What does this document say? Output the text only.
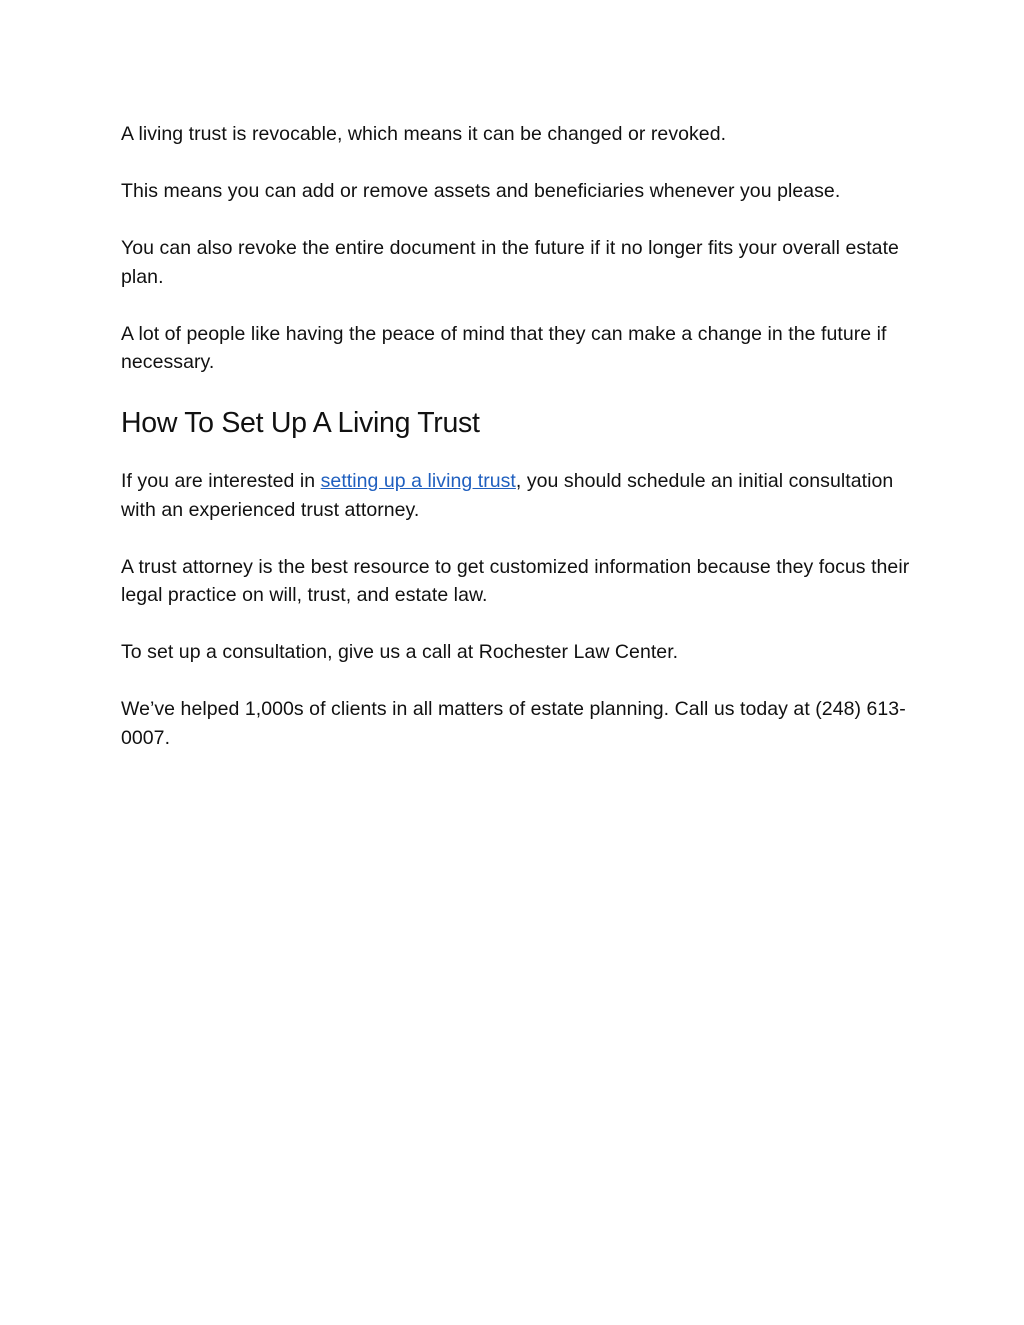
A living trust is revocable, which means it can be changed or revoked.

This means you can add or remove assets and beneficiaries whenever you please.

You can also revoke the entire document in the future if it no longer fits your overall estate plan.

A lot of people like having the peace of mind that they can make a change in the future if necessary.

How To Set Up A Living Trust

If you are interested in setting up a living trust, you should schedule an initial consultation with an experienced trust attorney.

A trust attorney is the best resource to get customized information because they focus their legal practice on will, trust, and estate law.

To set up a consultation, give us a call at Rochester Law Center.

We’ve helped 1,000s of clients in all matters of estate planning. Call us today at (248) 613-0007.
